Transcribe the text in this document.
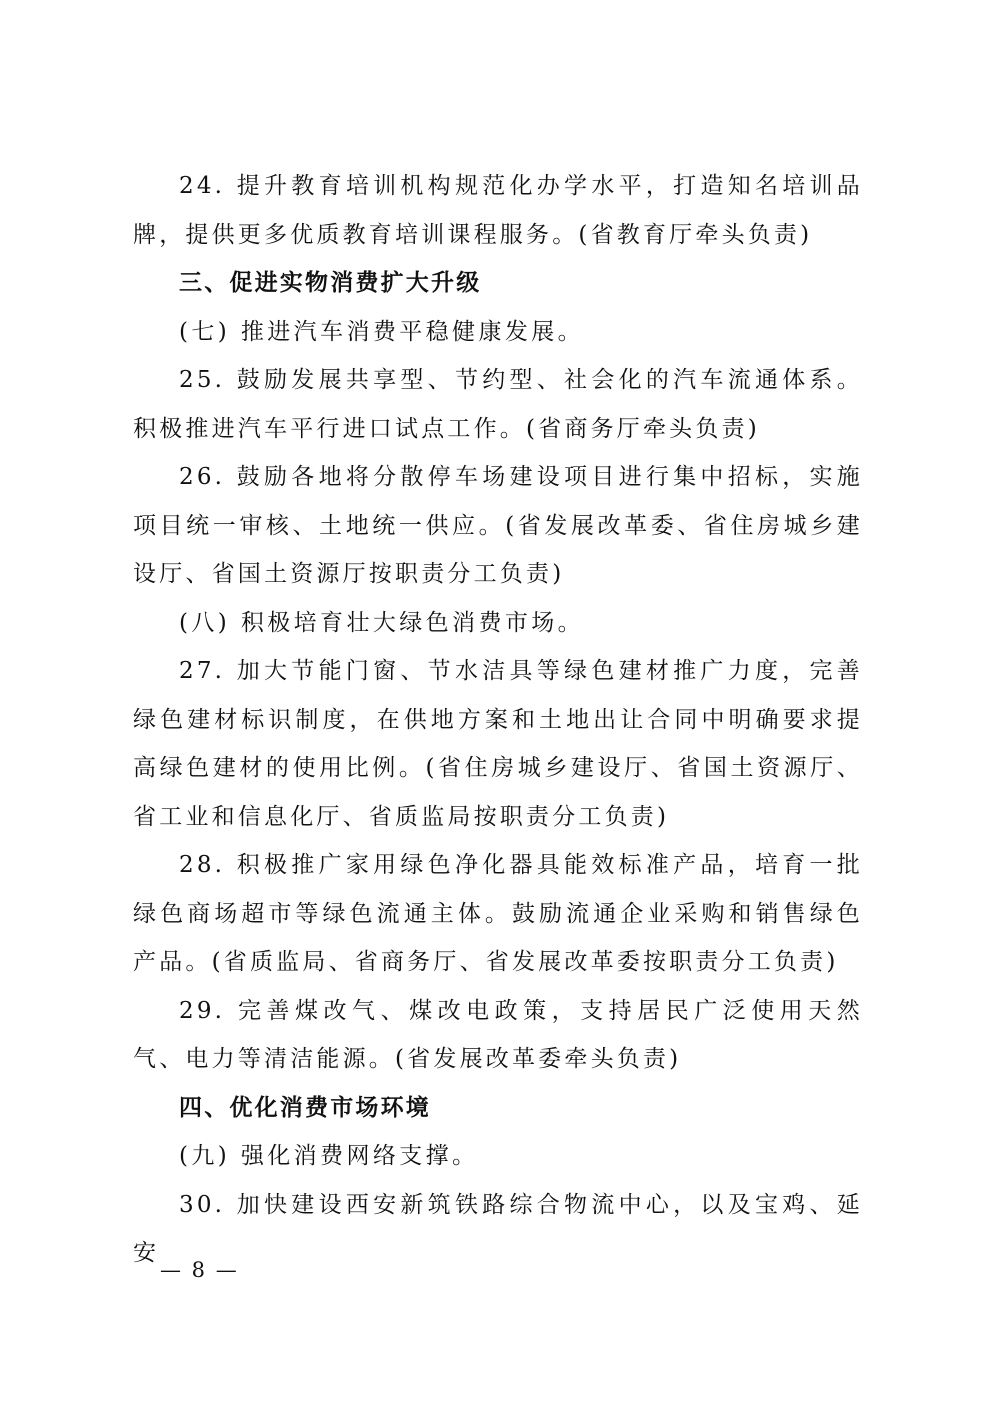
24. 提升教育培训机构规范化办学水平，打造知名培训品牌，提供更多优质教育培训课程服务。(省教育厅牵头负责)

三、促进实物消费扩大升级

(七) 推进汽车消费平稳健康发展。

25. 鼓励发展共享型、节约型、社会化的汽车流通体系。积极推进汽车平行进口试点工作。(省商务厅牵头负责)

26. 鼓励各地将分散停车场建设项目进行集中招标，实施项目统一审核、土地统一供应。(省发展改革委、省住房城乡建设厅、省国土资源厅按职责分工负责)

(八) 积极培育壮大绿色消费市场。

27. 加大节能门窗、节水洁具等绿色建材推广力度，完善绿色建材标识制度，在供地方案和土地出让合同中明确要求提高绿色建材的使用比例。(省住房城乡建设厅、省国土资源厅、省工业和信息化厅、省质监局按职责分工负责)

28. 积极推广家用绿色净化器具能效标准产品，培育一批绿色商场超市等绿色流通主体。鼓励流通企业采购和销售绿色产品。(省质监局、省商务厅、省发展改革委按职责分工负责)

29. 完善煤改气、煤改电政策，支持居民广泛使用天然气、电力等清洁能源。(省发展改革委牵头负责)

四、优化消费市场环境

(九) 强化消费网络支撑。

30. 加快建设西安新筑铁路综合物流中心，以及宝鸡、延安

— 8 —
